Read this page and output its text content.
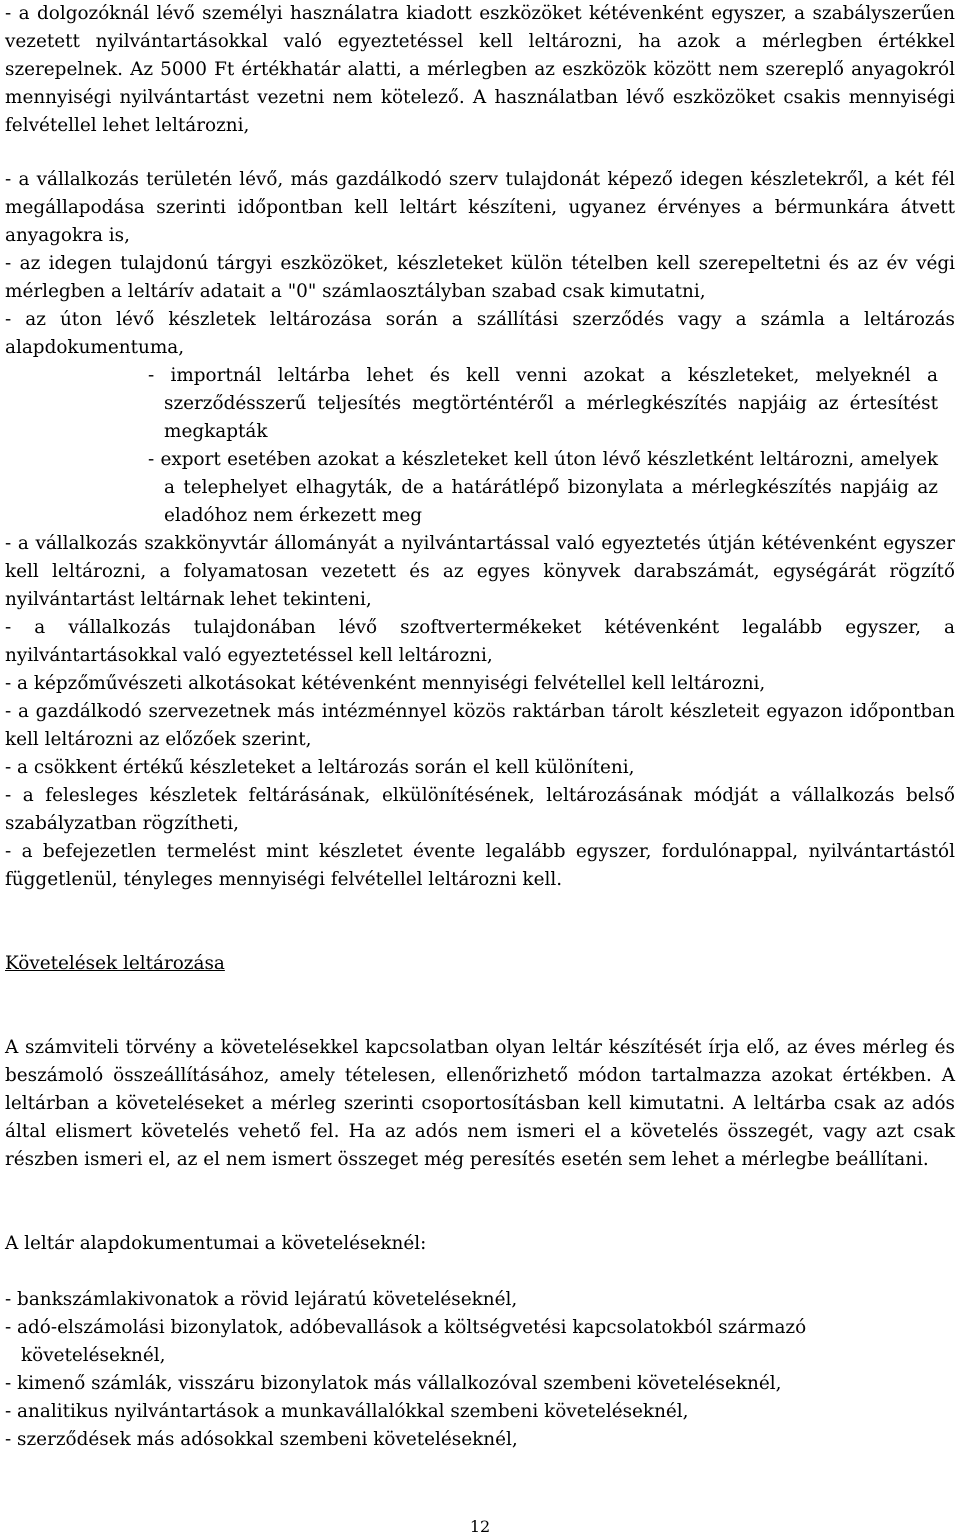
- a dolgozóknál lévő személyi használatra kiadott eszközöket kétévenként egyszer, a szabályszerűen vezetett nyilvántartásokkal való egyeztetéssel kell leltározni, ha azok a mérlegben értékkel szerepelnek. Az 5000 Ft értékhatár alatti, a mérlegben az eszközök között nem szereplő anyagokról mennyiségi nyilvántartást vezetni nem kötelező. A használatban lévő eszközöket csakis mennyiségi felvétellel lehet leltározni,

- a vállalkozás területén lévő, más gazdálkodó szerv tulajdonát képező idegen készletekről, a két fél megállapodása szerinti időpontban kell leltárt készíteni, ugyanez érvényes a bérmunkára átvett anyagokra is,
- az idegen tulajdonú tárgyi eszközöket, készleteket külön tételben kell szerepeltetni és az év végi mérlegben a leltárív adatait a "0" számlaosztályban szabad csak kimutatni,
- az úton lévő készletek leltározása során a szállítási szerződés vagy a számla a leltározás alapdokumentuma,
- importnál leltárba lehet és kell venni azokat a készleteket, melyeknél a szerződésszerű teljesítés megtörténtéről a mérlegkészítés napjáig az értesítést megkapták
- export esetében azokat a készleteket kell úton lévő készletként leltározni, amelyek a telephelyet elhagyták, de a határátlépő bizonylata a mérlegkészítés napjáig az eladóhoz nem érkezett meg
- a vállalkozás szakkönyvtár állományát a nyilvántartással való egyeztetés útján kétévenként egyszer kell leltározni, a folyamatosan vezetett és az egyes könyvek darabszámát, egységárát rögzítő nyilvántartást leltárnak lehet tekinteni,
- a vállalkozás tulajdonában lévő szoftvertermékeket kétévenként legalább egyszer, a nyilvántartásokkal való egyeztetéssel kell leltározni,
- a képzőművészeti alkotásokat kétévenként mennyiségi felvétellel kell leltározni,
- a gazdálkodó szervezetnek más intézménnyel közös raktárban tárolt készleteit egyazon időpontban kell leltározni az előzőek szerint,
- a csökkent értékű készleteket a leltározás során el kell különíteni,
- a felesleges készletek feltárásának, elkülönítésének, leltározásának módját a vállalkozás belső szabályzatban rögzítheti,
- a befejezetlen termelést mint készletet évente legalább egyszer, fordulónappal, nyilvántartástól függetlenül, tényleges mennyiségi felvétellel leltározni kell.
Követelések leltározása

A számviteli törvény a követelésekkel kapcsolatban olyan leltár készítését írja elő, az éves mérleg és beszámoló összeállításához, amely tételesen, ellenőrizhető módon tartalmazza azokat értékben. A leltárban a követeléseket a mérleg szerinti csoportosításban kell kimutatni. A leltárba csak az adós által elismert követelés vehető fel. Ha az adós nem ismeri el a követelés összegét, vagy azt csak részben ismeri el, az el nem ismert összeget még peresítés esetén sem lehet a mérlegbe beállítani.

A leltár alapdokumentumai a követeléseknél:

- bankszámlakivonatok a rövid lejáratú követeléseknél,
- adó-elszámolási bizonylatok, adóbevallások a költségvetési kapcsolatokból származó követeléseknél,
- kimenő számlák, visszáru bizonylatok más vállalkozóval szembeni követeléseknél,
- analitikus nyilvántartások a munkavállalókkal szembeni követeléseknél,
- szerződések más adósokkal szembeni követeléseknél,
12
